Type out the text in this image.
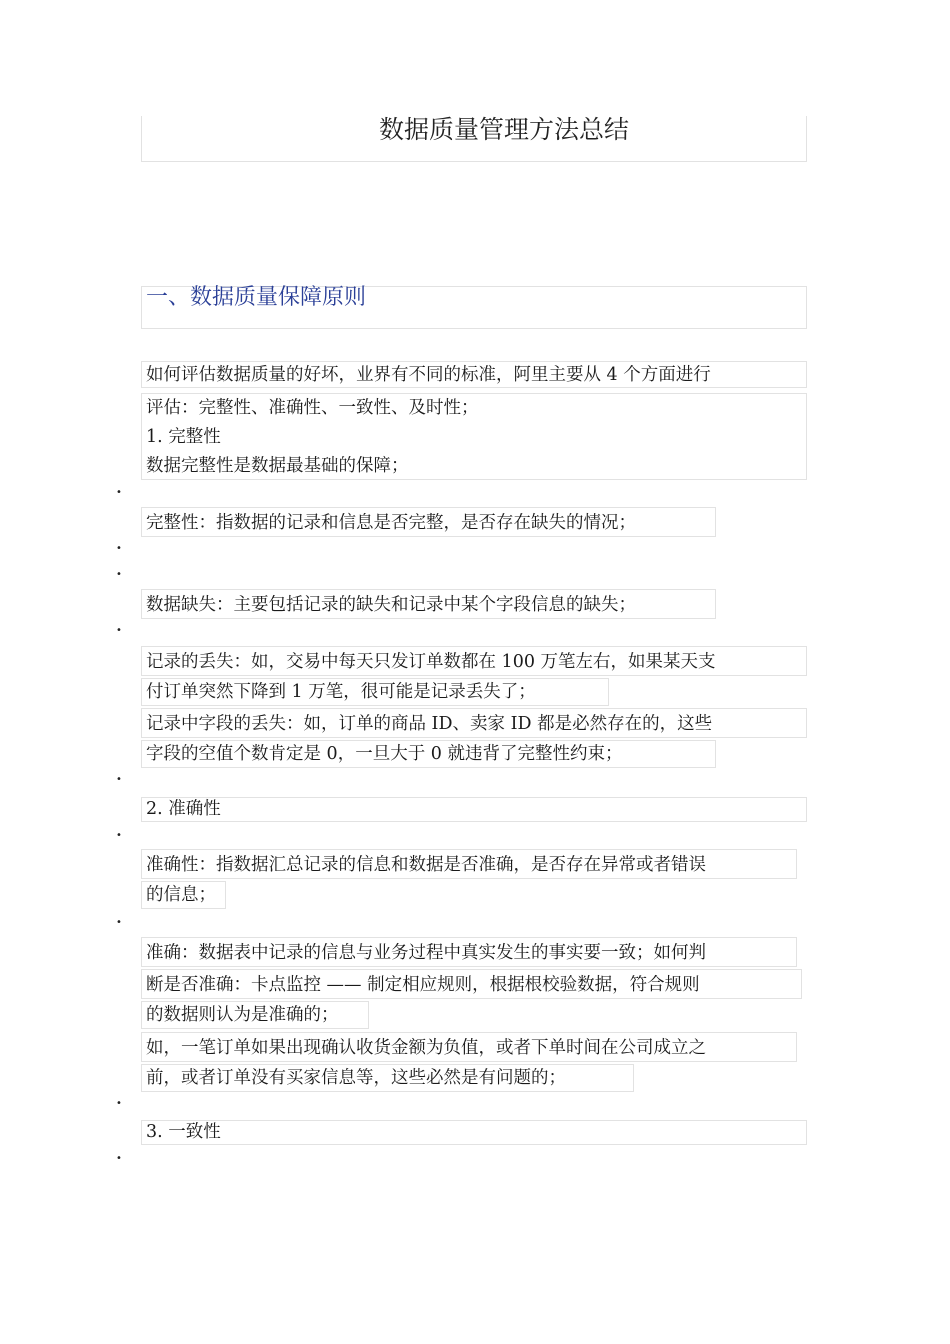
数据质量管理方法总结
一、数据质量保障原则
如何评估数据质量的好坏，业界有不同的标准，阿里主要从 4 个方面进行
评估：完整性、准确性、一致性、及时性；
1. 完整性
数据完整性是数据最基础的保障；
•
完整性：指数据的记录和信息是否完整，是否存在缺失的情况；
•
•
数据缺失：主要包括记录的缺失和记录中某个字段信息的缺失；
•
记录的丢失：如，交易中每天只发订单数都在 100 万笔左右，如果某天支
付订单突然下降到 1 万笔，很可能是记录丢失了；
记录中字段的丢失：如，订单的商品 ID、卖家 ID 都是必然存在的，这些
字段的空值个数肯定是 0，一旦大于 0 就违背了完整性约束；
•
2. 准确性
•
准确性：指数据汇总记录的信息和数据是否准确，是否存在异常或者错误
的信息；
•
准确：数据表中记录的信息与业务过程中真实发生的事实要一致；如何判
断是否准确：卡点监控 —— 制定相应规则，根据根校验数据，符合规则
的数据则认为是准确的；
如，一笔订单如果出现确认收货金额为负值，或者下单时间在公司成立之
前，或者订单没有买家信息等，这些必然是有问题的；
•
3. 一致性
•
